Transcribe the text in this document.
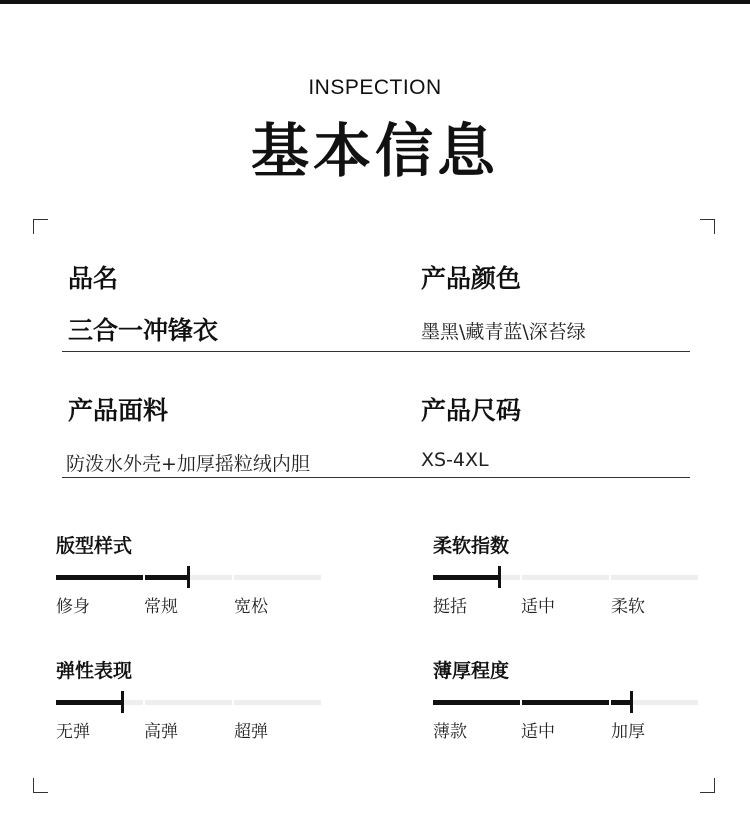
INSPECTION
基本信息
品名
三合一冲锋衣
产品颜色
墨黑\藏青蓝\深苔绿
产品面料
防泼水外壳+加厚摇粒绒内胆
产品尺码
XS-4XL
版型样式
修身	常规	宽松
柔软指数
挺括	适中	柔软
弹性表现
无弹	高弹	超弹
薄厚程度
薄款	适中	加厚
